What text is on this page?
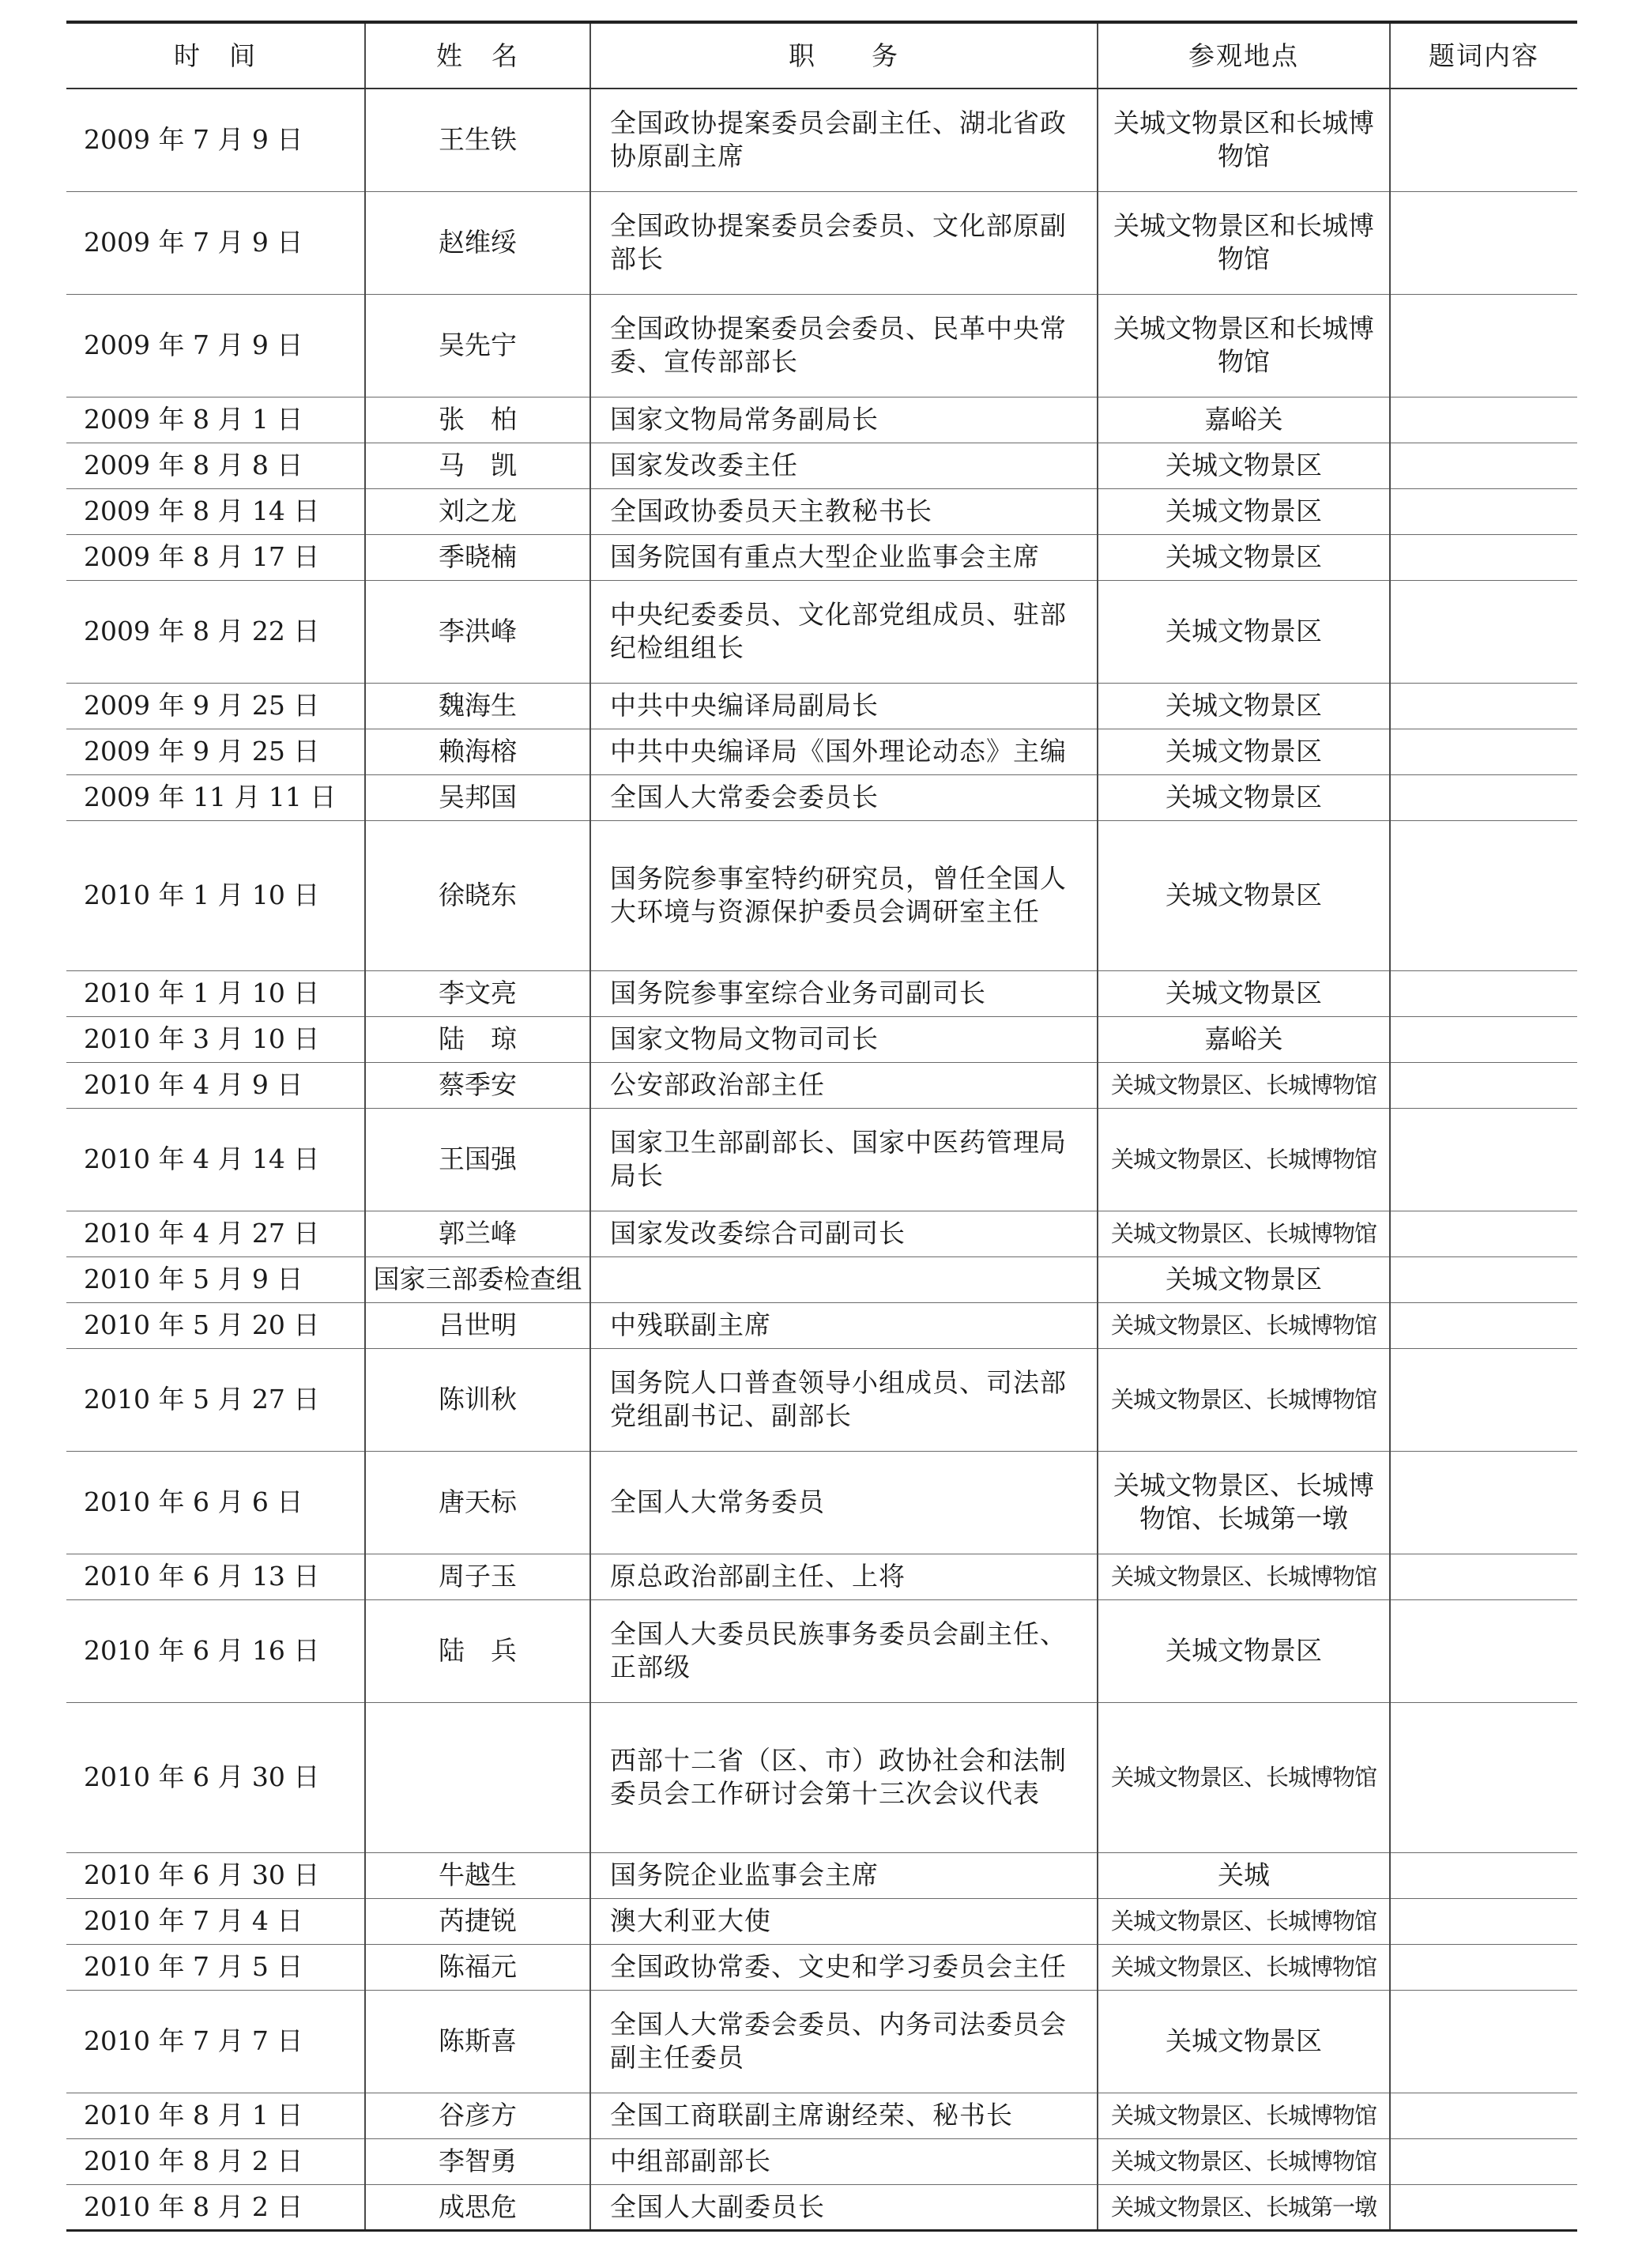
时　间	姓　名	职　　务	参观地点	题词内容
2009 年 7 月 9 日	王生铁	全国政协提案委员会副主任、湖北省政协原副主席	关城文物景区和长城博物馆	
2009 年 7 月 9 日	赵维绥	全国政协提案委员会委员、文化部原副部长	关城文物景区和长城博物馆	
2009 年 7 月 9 日	吴先宁	全国政协提案委员会委员、民革中央常委、宣传部部长	关城文物景区和长城博物馆	
2009 年 8 月 1 日	张　柏	国家文物局常务副局长	嘉峪关	
2009 年 8 月 8 日	马　凯	国家发改委主任	关城文物景区	
2009 年 8 月 14 日	刘之龙	全国政协委员天主教秘书长	关城文物景区	
2009 年 8 月 17 日	季晓楠	国务院国有重点大型企业监事会主席	关城文物景区	
2009 年 8 月 22 日	李洪峰	中央纪委委员、文化部党组成员、驻部纪检组组长	关城文物景区	
2009 年 9 月 25 日	魏海生	中共中央编译局副局长	关城文物景区	
2009 年 9 月 25 日	赖海榕	中共中央编译局《国外理论动态》主编	关城文物景区	
2009 年 11 月 11 日	吴邦国	全国人大常委会委员长	关城文物景区	
2010 年 1 月 10 日	徐晓东	国务院参事室特约研究员，曾任全国人大环境与资源保护委员会调研室主任	关城文物景区	
2010 年 1 月 10 日	李文亮	国务院参事室综合业务司副司长	关城文物景区	
2010 年 3 月 10 日	陆　琼	国家文物局文物司司长	嘉峪关	
2010 年 4 月 9 日	蔡季安	公安部政治部主任	关城文物景区、长城博物馆	
2010 年 4 月 14 日	王国强	国家卫生部副部长、国家中医药管理局局长	关城文物景区、长城博物馆	
2010 年 4 月 27 日	郭兰峰	国家发改委综合司副司长	关城文物景区、长城博物馆	
2010 年 5 月 9 日	国家三部委检查组		关城文物景区	
2010 年 5 月 20 日	吕世明	中残联副主席	关城文物景区、长城博物馆	
2010 年 5 月 27 日	陈训秋	国务院人口普查领导小组成员、司法部党组副书记、副部长	关城文物景区、长城博物馆	
2010 年 6 月 6 日	唐天标	全国人大常务委员	关城文物景区、长城博物馆、长城第一墩	
2010 年 6 月 13 日	周子玉	原总政治部副主任、上将	关城文物景区、长城博物馆	
2010 年 6 月 16 日	陆　兵	全国人大委员民族事务委员会副主任、正部级	关城文物景区	
2010 年 6 月 30 日		西部十二省（区、市）政协社会和法制委员会工作研讨会第十三次会议代表	关城文物景区、长城博物馆	
2010 年 6 月 30 日	牛越生	国务院企业监事会主席	关城	
2010 年 7 月 4 日	芮捷锐	澳大利亚大使	关城文物景区、长城博物馆	
2010 年 7 月 5 日	陈福元	全国政协常委、文史和学习委员会主任	关城文物景区、长城博物馆	
2010 年 7 月 7 日	陈斯喜	全国人大常委会委员、内务司法委员会副主任委员	关城文物景区	
2010 年 8 月 1 日	谷彦方	全国工商联副主席谢经荣、秘书长	关城文物景区、长城博物馆	
2010 年 8 月 2 日	李智勇	中组部副部长	关城文物景区、长城博物馆	
2010 年 8 月 2 日	成思危	全国人大副委员长	关城文物景区、长城第一墩	
